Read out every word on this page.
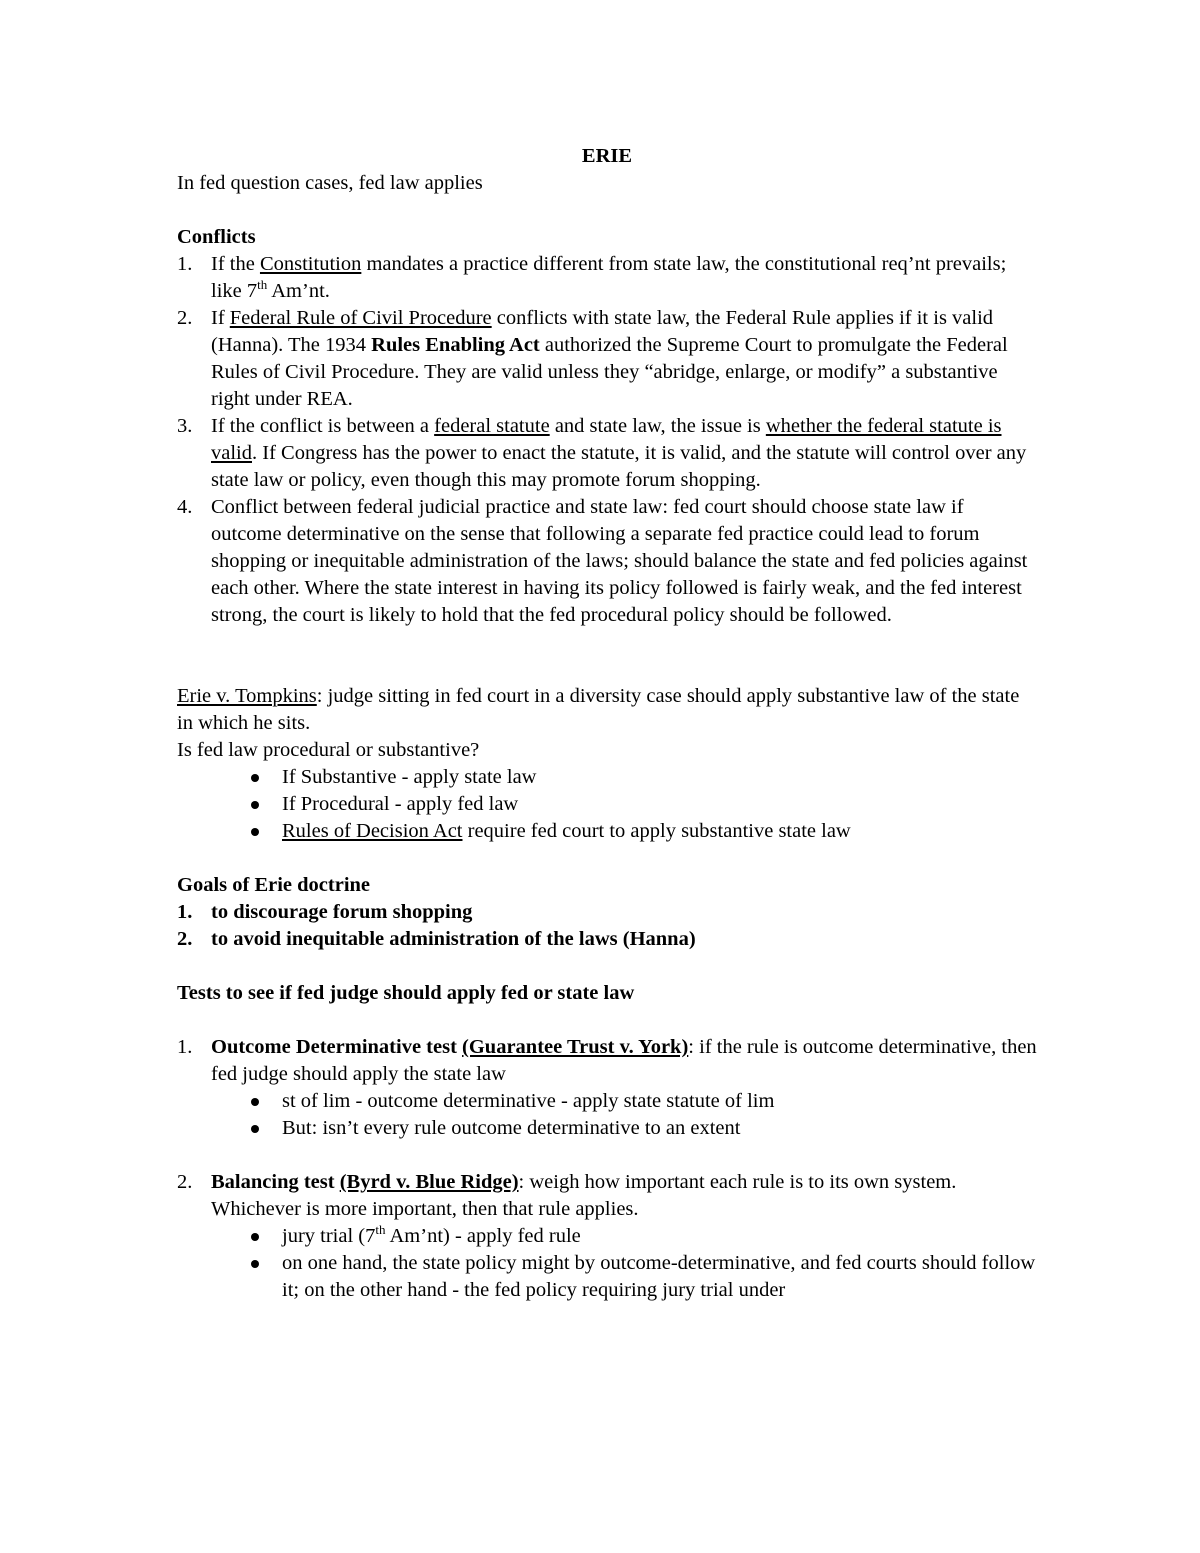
ERIE

In fed question cases, fed law applies

Conflicts

1. If the Constitution mandates a practice different from state law, the constitutional req’nt prevails; like 7th Am’nt.
2. If Federal Rule of Civil Procedure conflicts with state law, the Federal Rule applies if it is valid (Hanna). The 1934 Rules Enabling Act authorized the Supreme Court to promulgate the Federal Rules of Civil Procedure. They are valid unless they “abridge, enlarge, or modify” a substantive right under REA.
3. If the conflict is between a federal statute and state law, the issue is whether the federal statute is valid. If Congress has the power to enact the statute, it is valid, and the statute will control over any state law or policy, even though this may promote forum shopping.
4. Conflict between federal judicial practice and state law: fed court should choose state law if outcome determinative on the sense that following a separate fed practice could lead to forum shopping or inequitable administration of the laws; should balance the state and fed policies against each other. Where the state interest in having its policy followed is fairly weak, and the fed interest strong, the court is likely to hold that the fed procedural policy should be followed.

Erie v. Tompkins: judge sitting in fed court in a diversity case should apply substantive law of the state in which he sits.

Is fed law procedural or substantive?

If Substantive - apply state law
If Procedural - apply fed law
Rules of Decision Act require fed court to apply substantive state law

Goals of Erie doctrine

1. to discourage forum shopping
2. to avoid inequitable administration of the laws (Hanna)

Tests to see if fed judge should apply fed or state law

1. Outcome Determinative test (Guarantee Trust v. York): if the rule is outcome determinative, then fed judge should apply the state law
st of lim - outcome determinative - apply state statute of lim
But: isn’t every rule outcome determinative to an extent
2. Balancing test (Byrd v. Blue Ridge): weigh how important each rule is to its own system. Whichever is more important, then that rule applies.
jury trial (7th Am’nt) - apply fed rule
on one hand, the state policy might by outcome-determinative, and fed courts should follow it; on the other hand - the fed policy requiring jury trial under
